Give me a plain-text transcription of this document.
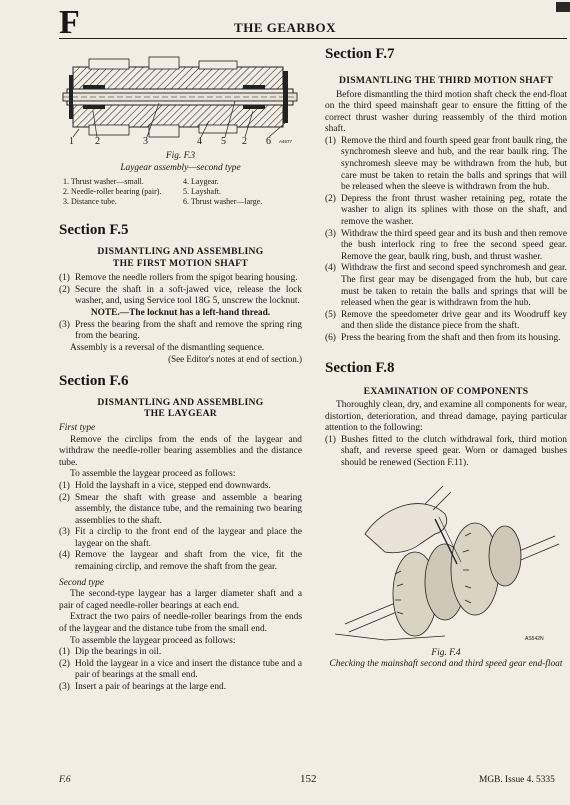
F	THE GEARBOX
1 2	3	4 5 2 6 A4577

Fig. F.3

Laygear assembly—second type

1. Thrust washer—small.	4. Laygear.
2. Needle-roller bearing (pair).	5. Layshaft.
3. Distance tube.	6. Thrust washer—large.
Section F.5

DISMANTLING AND ASSEMBLING

THE FIRST MOTION SHAFT

(1) Remove the needle rollers from the spigot bearing housing.
(2) Secure the shaft in a soft-jawed vice, release the lock washer, and, using Service tool 18G 5, unscrew the locknut.

NOTE.—The locknut has a left-hand thread.

(3) Press the bearing from the shaft and remove the spring ring from the bearing.

Assembly is a reversal of the dismantling sequence.

(See Editor's notes at end of section.)

Section F.6

DISMANTLING AND ASSEMBLING

THE LAYGEAR

First type

Remove the circlips from the ends of the laygear and withdraw the needle-roller bearing assemblies and the distance tube.

To assemble the laygear proceed as follows:

(1) Hold the layshaft in a vice, stepped end downwards.
(2) Smear the shaft with grease and assemble a bearing assembly, the distance tube, and the remaining two bearing assemblies to the shaft.
(3) Fit a circlip to the front end of the laygear and place the laygear on the shaft.
(4) Remove the laygear and shaft from the vice, fit the remaining circlip, and remove the shaft from the gear.

Second type

The second-type laygear has a larger diameter shaft and a pair of caged needle-roller bearings at each end.

Extract the two pairs of needle-roller bearings from the ends of the laygear and the distance tube from the small end.

To assemble the laygear proceed as follows:

(1) Dip the bearings in oil.
(2) Hold the laygear in a vice and insert the distance tube and a pair of bearings at the small end.
(3) Insert a pair of bearings at the large end.
Section F.7

DISMANTLING THE THIRD MOTION SHAFT

Before dismantling the third motion shaft check the end-float on the third speed mainshaft gear to ensure the fitting of the correct thrust washer during reassembly of the third motion shaft.

(1) Remove the third and fourth speed gear front baulk ring, the synchromesh sleeve and hub, and the rear baulk ring. The synchromesh sleeve may be withdrawn from the hub, but care must be taken to retain the balls and springs that will be released when the sleeve is withdrawn from the hub.
(2) Depress the front thrust washer retaining peg, rotate the washer to align its splines with those on the shaft, and remove the washer.
(3) Withdraw the third speed gear and its bush and then remove the bush interlock ring to free the second speed gear. Remove the gear, baulk ring, bush, and thrust washer.
(4) Withdraw the first and second speed synchromesh and gear. The first gear may be disengaged from the hub, but care must be taken to retain the balls and springs that will be released when the gear is withdrawn from the hub.
(5) Remove the speedometer drive gear and its Woodruff key and then slide the distance piece from the shaft.
(6) Press the bearing from the shaft and then from its housing.
Section F.8

EXAMINATION OF COMPONENTS

Thoroughly clean, dry, and examine all components for wear, distortion, deterioration, and thread damage, paying particular attention to the following:

(1) Bushes fitted to the clutch withdrawal fork, third motion shaft, and reverse speed gear. Worn or damaged bushes should be renewed (Section F.11).
AS542N

Fig. F.4

Checking the mainshaft second and third speed gear end-float

F.6	152	MGB. Issue 4. 5335
